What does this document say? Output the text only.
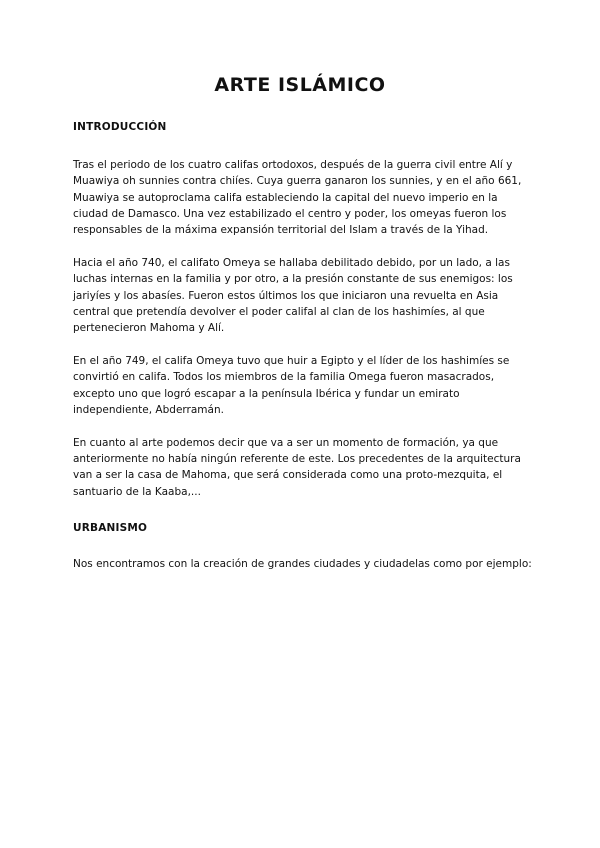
ARTE ISLÁMICO
INTRODUCCIÓN

Tras el periodo de los cuatro califas ortodoxos, después de la guerra civil entre Alí y Muawiya oh sunnies contra chiíes. Cuya guerra ganaron los sunnies, y en el año 661, Muawiya se autoproclama califa estableciendo la capital del nuevo imperio en la ciudad de Damasco. Una vez estabilizado el centro y poder, los omeyas fueron los responsables de la máxima expansión territorial del Islam a través de la Yihad.

Hacia el año 740, el califato Omeya se hallaba debilitado debido, por un lado, a las luchas internas en la familia y por otro, a la presión constante de sus enemigos: los jariyíes y los abasíes. Fueron estos últimos los que iniciaron una revuelta en Asia central que pretendía devolver el poder califal al clan de los hashimíes, al que pertenecieron Mahoma y Alí.

En el año 749, el califa Omeya tuvo que huir a Egipto y el líder de los hashimíes se convirtió en califa. Todos los miembros de la familia Omega fueron masacrados, excepto uno que logró escapar a la península Ibérica y fundar un emirato independiente, Abderramán.

En cuanto al arte podemos decir que va a ser un momento de formación, ya que anteriormente no había ningún referente de este. Los precedentes de la arquitectura van a ser la casa de Mahoma, que será considerada como una proto-mezquita, el santuario de la Kaaba,...

URBANISMO

Nos encontramos con la creación de grandes ciudades y ciudadelas como por ejemplo:
